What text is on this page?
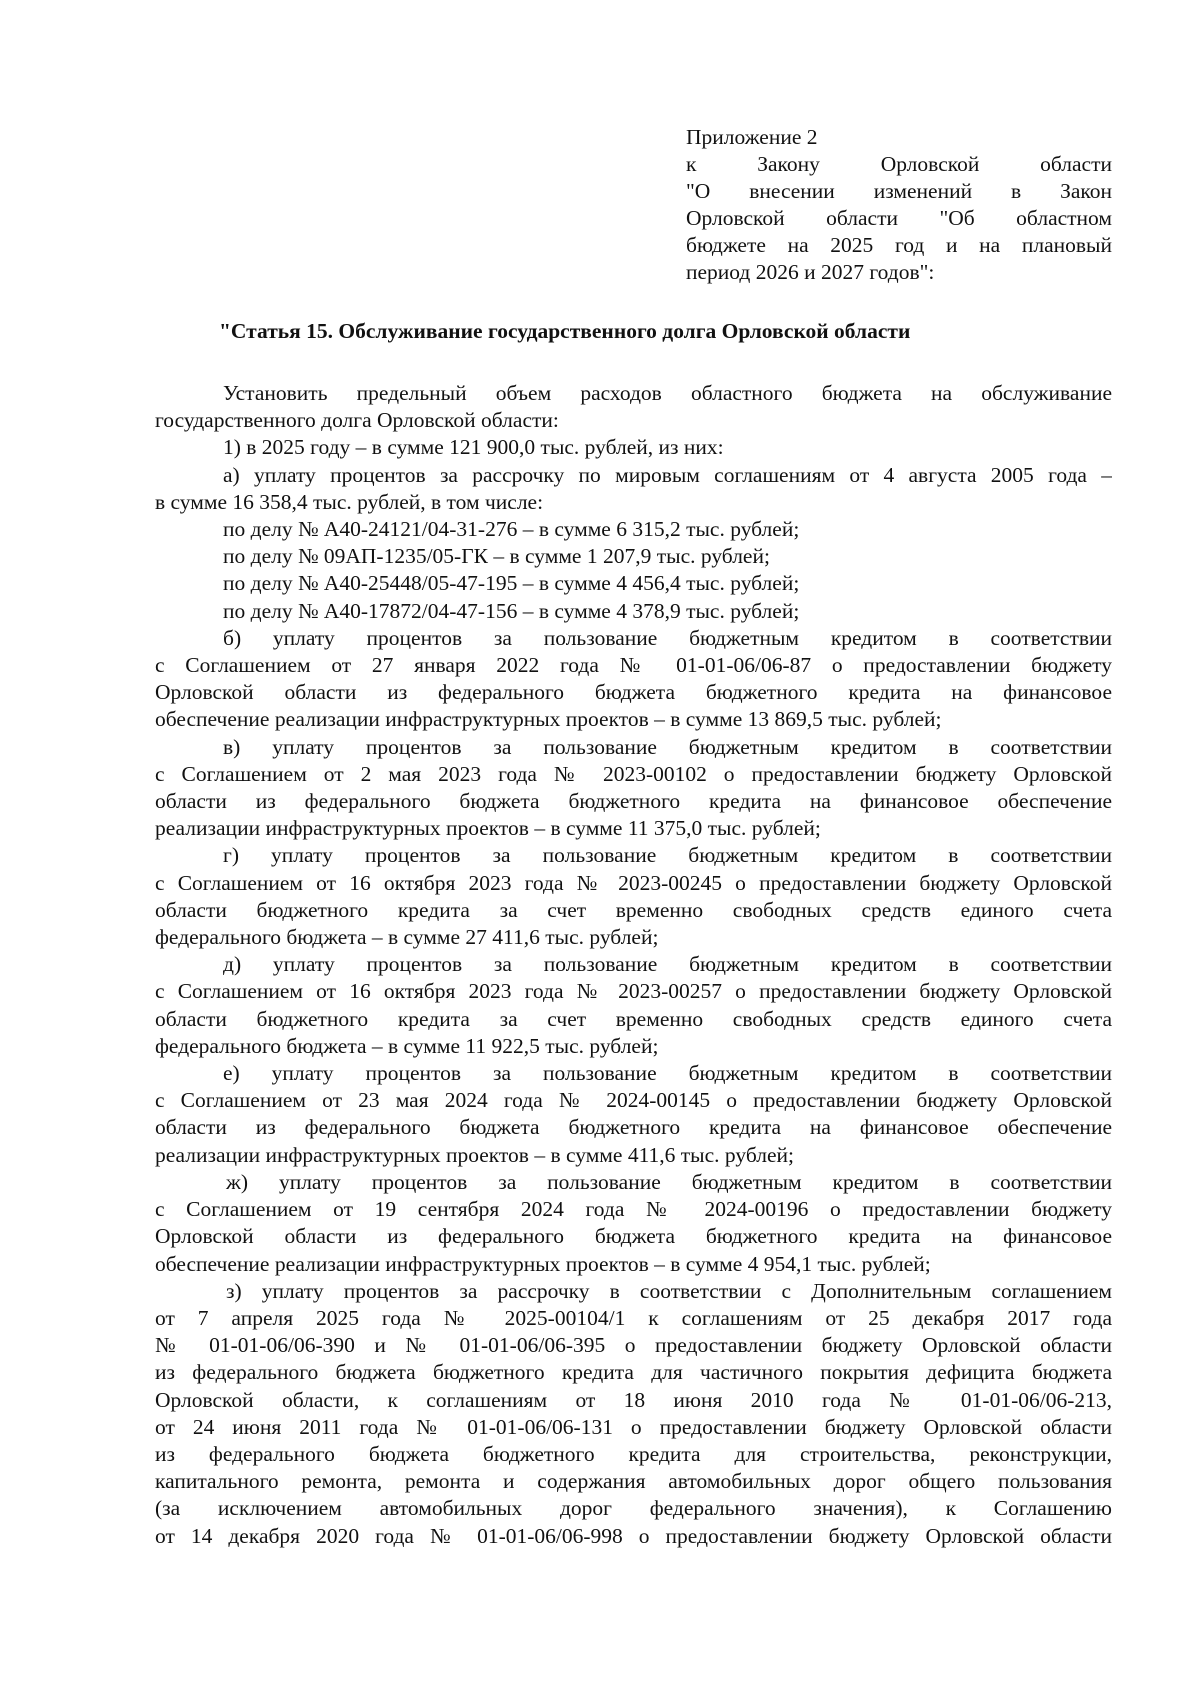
Приложение 2
к Закону Орловской области
"О внесении изменений в Закон
Орловской области "Об областном
бюджете на 2025 год и на плановый
период 2026 и 2027 годов":
"Статья 15. Обслуживание государственного долга Орловской области
Установить предельный объем расходов областного бюджета на обслуживание
государственного долга Орловской области:
1) в 2025 году – в сумме 121 900,0 тыс. рублей, из них:
а) уплату процентов за рассрочку по мировым соглашениям от 4 августа 2005 года –
в сумме 16 358,4 тыс. рублей, в том числе:
по делу № А40-24121/04-31-276 – в сумме 6 315,2 тыс. рублей;
по делу № 09АП-1235/05-ГК – в сумме 1 207,9 тыс. рублей;
по делу № А40-25448/05-47-195 – в сумме 4 456,4 тыс. рублей;
по делу № А40-17872/04-47-156 – в сумме 4 378,9 тыс. рублей;
б) уплату процентов за пользование бюджетным кредитом в соответствии
с Соглашением от 27 января 2022 года № 01-01-06/06-87 о предоставлении бюджету
Орловской области из федерального бюджета бюджетного кредита на финансовое
обеспечение реализации инфраструктурных проектов – в сумме 13 869,5 тыс. рублей;
в) уплату процентов за пользование бюджетным кредитом в соответствии
с Соглашением от 2 мая 2023 года № 2023-00102 о предоставлении бюджету Орловской
области из федерального бюджета бюджетного кредита на финансовое обеспечение
реализации инфраструктурных проектов – в сумме 11 375,0 тыс. рублей;
г) уплату процентов за пользование бюджетным кредитом в соответствии
с Соглашением от 16 октября 2023 года № 2023-00245 о предоставлении бюджету Орловской
области бюджетного кредита за счет временно свободных средств единого счета
федерального бюджета – в сумме 27 411,6 тыс. рублей;
д) уплату процентов за пользование бюджетным кредитом в соответствии
с Соглашением от 16 октября 2023 года № 2023-00257 о предоставлении бюджету Орловской
области бюджетного кредита за счет временно свободных средств единого счета
федерального бюджета – в сумме 11 922,5 тыс. рублей;
е) уплату процентов за пользование бюджетным кредитом в соответствии
с Соглашением от 23 мая 2024 года № 2024-00145 о предоставлении бюджету Орловской
области из федерального бюджета бюджетного кредита на финансовое обеспечение
реализации инфраструктурных проектов – в сумме 411,6 тыс. рублей;
ж) уплату процентов за пользование бюджетным кредитом в соответствии
с Соглашением от 19 сентября 2024 года № 2024-00196 о предоставлении бюджету
Орловской области из федерального бюджета бюджетного кредита на финансовое
обеспечение реализации инфраструктурных проектов – в сумме 4 954,1 тыс. рублей;
з) уплату процентов за рассрочку в соответствии с Дополнительным соглашением
от 7 апреля 2025 года № 2025-00104/1 к соглашениям от 25 декабря 2017 года
№ 01-01-06/06-390 и № 01-01-06/06-395 о предоставлении бюджету Орловской области
из федерального бюджета бюджетного кредита для частичного покрытия дефицита бюджета
Орловской области, к соглашениям от 18 июня 2010 года № 01-01-06/06-213,
от 24 июня 2011 года № 01-01-06/06-131 о предоставлении бюджету Орловской области
из федерального бюджета бюджетного кредита для строительства, реконструкции,
капитального ремонта, ремонта и содержания автомобильных дорог общего пользования
(за исключением автомобильных дорог федерального значения), к Соглашению
от 14 декабря 2020 года № 01-01-06/06-998 о предоставлении бюджету Орловской области
